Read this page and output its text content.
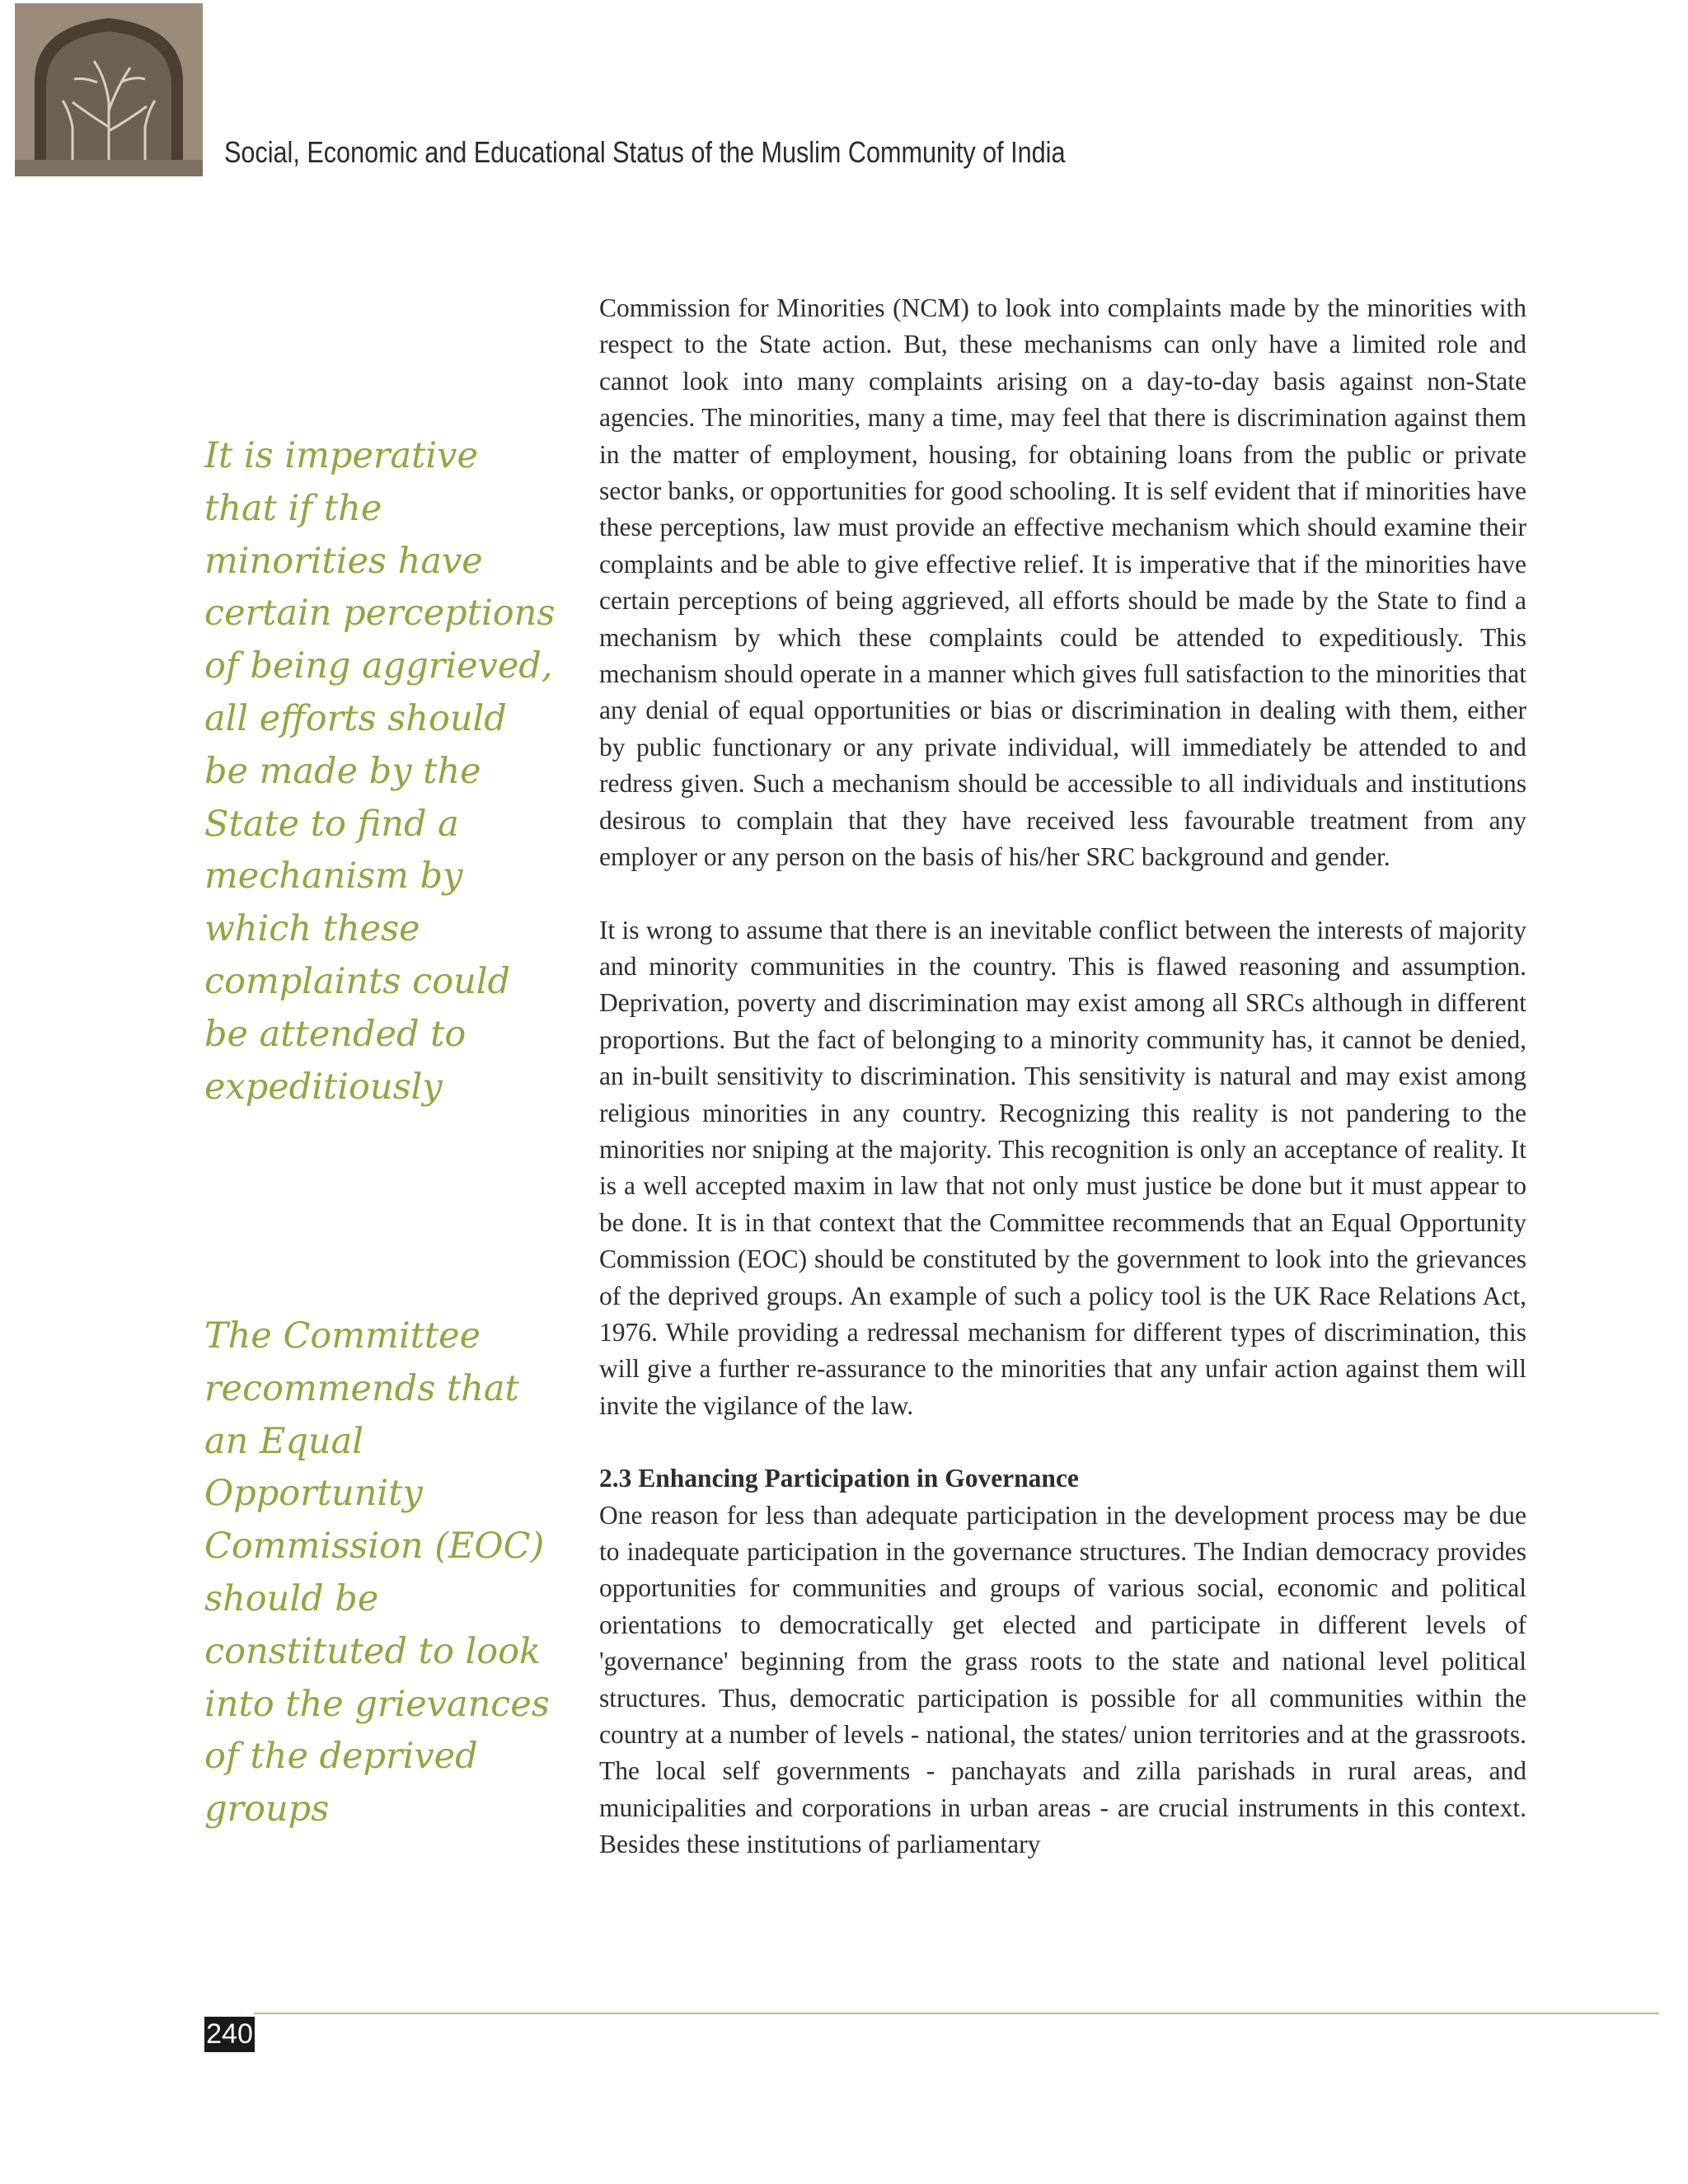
Social, Economic and Educational Status of the Muslim Community of India

It is imperative that if the minorities have certain perceptions of being aggrieved, all efforts should be made by the State to find a mechanism by which these complaints could be attended to expeditiously

The Committee recommends that an Equal Opportunity Commission (EOC) should be constituted to look into the grievances of the deprived groups

Commission for Minorities (NCM) to look into complaints made by the minorities with respect to the State action. But, these mechanisms can only have a limited role and cannot look into many complaints arising on a day-to-day basis against non-State agencies. The minorities, many a time, may feel that there is discrimination against them in the matter of employment, housing, for obtaining loans from the public or private sector banks, or opportunities for good schooling. It is self evident that if minorities have these perceptions, law must provide an effective mechanism which should examine their complaints and be able to give effective relief. It is imperative that if the minorities have certain perceptions of being aggrieved, all efforts should be made by the State to find a mechanism by which these complaints could be attended to expeditiously. This mechanism should operate in a manner which gives full satisfaction to the minorities that any denial of equal opportunities or bias or discrimination in dealing with them, either by public functionary or any private individual, will immediately be attended to and redress given. Such a mechanism should be accessible to all individuals and institutions desirous to complain that they have received less favourable treatment from any employer or any person on the basis of his/her SRC background and gender.

It is wrong to assume that there is an inevitable conflict between the interests of majority and minority communities in the country. This is flawed reasoning and assumption. Deprivation, poverty and discrimination may exist among all SRCs although in different proportions. But the fact of belonging to a minority community has, it cannot be denied, an in-built sensitivity to discrimination. This sensitivity is natural and may exist among religious minorities in any country. Recognizing this reality is not pandering to the minorities nor sniping at the majority. This recognition is only an acceptance of reality. It is a well accepted maxim in law that not only must justice be done but it must appear to be done. It is in that context that the Committee recommends that an Equal Opportunity Commission (EOC) should be constituted by the government to look into the grievances of the deprived groups. An example of such a policy tool is the UK Race Relations Act, 1976. While providing a redressal mechanism for different types of discrimination, this will give a further re-assurance to the minorities that any unfair action against them will invite the vigilance of the law.

2.3 Enhancing Participation in Governance

One reason for less than adequate participation in the development process may be due to inadequate participation in the governance structures. The Indian democracy provides opportunities for communities and groups of various social, economic and political orientations to democratically get elected and participate in different levels of 'governance' beginning from the grass roots to the state and national level political structures. Thus, democratic participation is possible for all communities within the country at a number of levels - national, the states/ union territories and at the grassroots. The local self governments - panchayats and zilla parishads in rural areas, and municipalities and corporations in urban areas - are crucial instruments in this context. Besides these institutions of parliamentary

240
